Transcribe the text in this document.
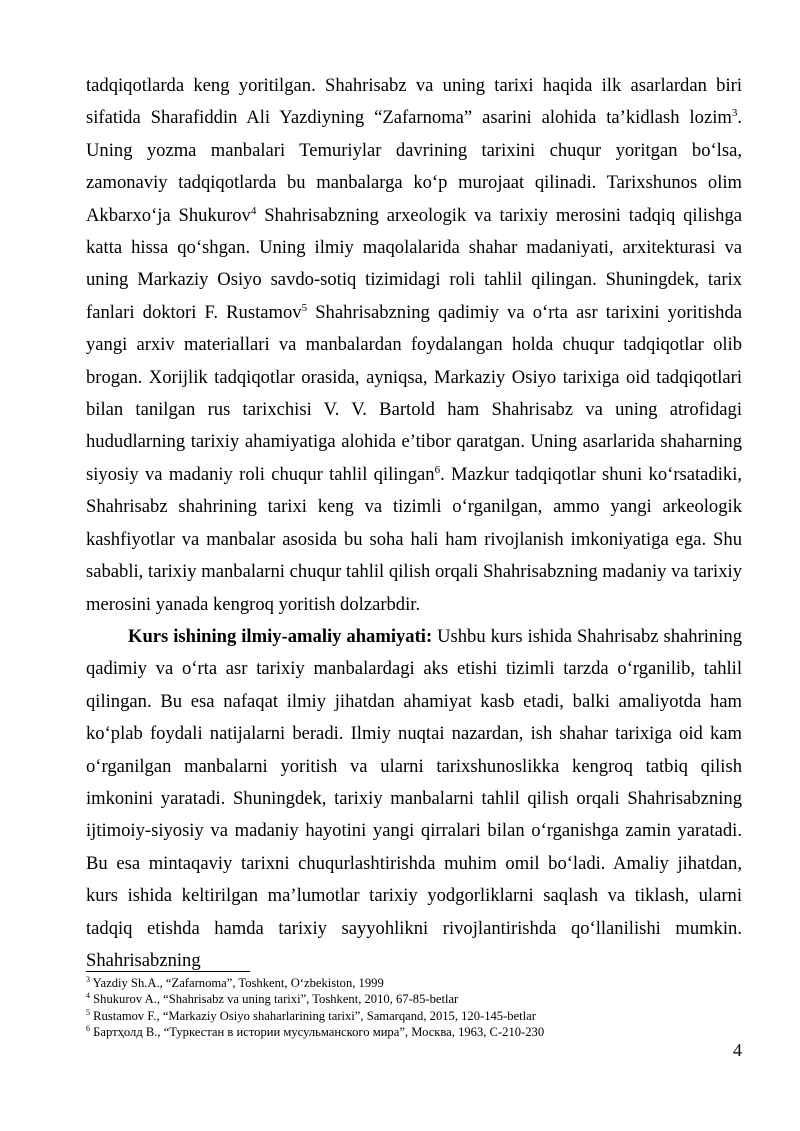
tadqiqotlarda keng yoritilgan. Shahrisabz va uning tarixi haqida ilk asarlardan biri sifatida Sharafiddin Ali Yazdiyning “Zafarnoma” asarini alohida ta’kidlash lozim$^3$. Uning yozma manbalari Temuriylar davrining tarixini chuqur yoritgan bo‘lsa, zamonaviy tadqiqotlarda bu manbalarga ko‘p murojaat qilinadi. Tarixshunos olim Akbarxo‘ja Shukurov$^4$ Shahrisabzning arxeologik va tarixiy merosini tadqiq qilishga katta hissa qo‘shgan. Uning ilmiy maqolalarida shahar madaniyati, arxitekturasi va uning Markaziy Osiyo savdo-sotiq tizimidagi roli tahlil qilingan. Shuningdek, tarix fanlari doktori F. Rustamov$^5$ Shahrisabzning qadimiy va o‘rta asr tarixini yoritishda yangi arxiv materiallari va manbalardan foydalangan holda chuqur tadqiqotlar olib brogan. Xorijlik tadqiqotlar orasida, ayniqsa, Markaziy Osiyo tarixiga oid tadqiqotlari bilan tanilgan rus tarixchisi V. V. Bartold ham Shahrisabz va uning atrofidagi hududlarning tarixiy ahamiyatiga alohida e’tibor qaratgan. Uning asarlarida shaharning siyosiy va madaniy roli chuqur tahlil qilingan$^6$. Mazkur tadqiqotlar shuni ko‘rsatadiki, Shahrisabz shahrining tarixi keng va tizimli o‘rganilgan, ammo yangi arkeologik kashfiyotlar va manbalar asosida bu soha hali ham rivojlanish imkoniyatiga ega. Shu sababli, tarixiy manbalarni chuqur tahlil qilish orqali Shahrisabzning madaniy va tarixiy merosini yanada kengroq yoritish dolzarbdir.

Kurs ishining ilmiy-amaliy ahamiyati: Ushbu kurs ishida Shahrisabz shahrining qadimiy va o‘rta asr tarixiy manbalardagi aks etishi tizimli tarzda o‘rganilib, tahlil qilingan. Bu esa nafaqat ilmiy jihatdan ahamiyat kasb etadi, balki amaliyotda ham ko‘plab foydali natijalarni beradi. Ilmiy nuqtai nazardan, ish shahar tarixiga oid kam o‘rganilgan manbalarni yoritish va ularni tarixshunoslikka kengroq tatbiq qilish imkonini yaratadi. Shuningdek, tarixiy manbalarni tahlil qilish orqali Shahrisabzning ijtimoiy-siyosiy va madaniy hayotini yangi qirralari bilan o‘rganishga zamin yaratadi. Bu esa mintaqaviy tarixni chuqurlashtirishda muhim omil bo‘ladi. Amaliy jihatdan, kurs ishida keltirilgan ma’lumotlar tarixiy yodgorliklarni saqlash va tiklash, ularni tadqiq etishda hamda tarixiy sayyohlikni rivojlantirishda qo‘llanilishi mumkin. Shahrisabzning

$^3$ Yazdiy Sh.A., “Zafarnoma”, Toshkent, O‘zbekiston, 1999

$^4$ Shukurov A., “Shahrisabz va uning tarixi”, Toshkent, 2010, 67-85-betlar

$^5$ Rustamov F., “Markaziy Osiyo shaharlarining tarixi”, Samarqand, 2015, 120-145-betlar

$^6$ Бартҳолд В., “Туркестан в истории мусульманского мира”, Москва, 1963, С-210-230

4
